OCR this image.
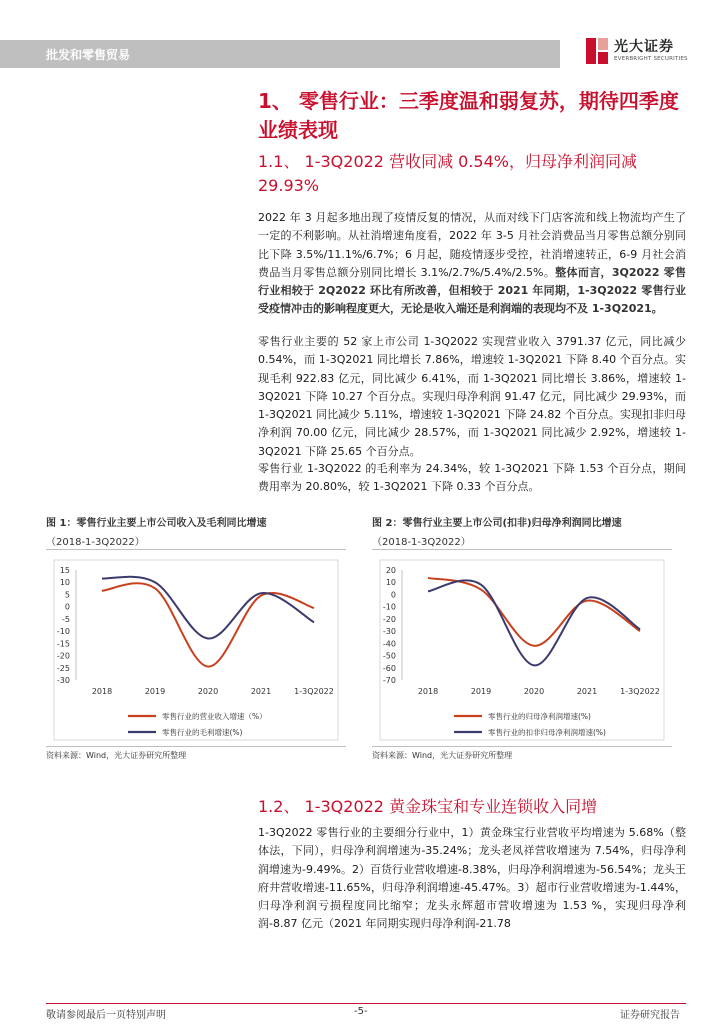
批发和零售贸易	光大证券
EVERBRIGHT SECURITIES
1、 零售行业：三季度温和弱复苏，期待四季度业绩表现
1.1、 1-3Q2022 营收同减 0.54%，归母净利润同减 29.93%
2022 年 3 月起多地出现了疫情反复的情况，从而对线下门店客流和线上物流均产生了一定的不利影响。从社消增速角度看，2022 年 3-5 月社会消费品当月零售总额分别同比下降 3.5%/11.1%/6.7%；6 月起，随疫情逐步受控，社消增速转正，6-9 月社会消费品当月零售总额分别同比增长 3.1%/2.7%/5.4%/2.5%。整体而言，3Q2022 零售行业相较于 2Q2022 环比有所改善，但相较于 2021 年同期，1-3Q2022 零售行业受疫情冲击的影响程度更大，无论是收入端还是利润端的表现均不及 1-3Q2021。
零售行业主要的 52 家上市公司 1-3Q2022 实现营业收入 3791.37 亿元，同比减少 0.54%，而 1-3Q2021 同比增长 7.86%，增速较 1-3Q2021 下降 8.40 个百分点。实现毛利 922.83 亿元，同比减少 6.41%，而 1-3Q2021 同比增长 3.86%，增速较 1-3Q2021 下降 10.27 个百分点。实现归母净利润 91.47 亿元，同比减少 29.93%，而 1-3Q2021 同比减少 5.11%，增速较 1-3Q2021 下降 24.82 个百分点。实现扣非归母净利润 70.00 亿元，同比减少 28.57%，而 1-3Q2021 同比减少 2.92%，增速较 1-3Q2021 下降 25.65 个百分点。
零售行业 1-3Q2022 的毛利率为 24.34%，较 1-3Q2021 下降 1.53 个百分点，期间费用率为 20.80%，较 1-3Q2021 下降 0.33 个百分点。
图 1：零售行业主要上市公司收入及毛利同比增速
（2018-1-3Q2022）
15
10
5
0
-5
-10
-15
-20
-25
-30
2018	2019	2020	2021	1-3Q2022
零售行业的营业收入增速（%）
零售行业的毛利增速(%)
资料来源：Wind，光大证券研究所整理
图 2：零售行业主要上市公司(扣非)归母净利润同比增速
（2018-1-3Q2022）
20
10
0
-10
-20
-30
-40
-50
-60
-70
2018	2019	2020	2021	1-3Q2022
零售行业的归母净利润增速(%)
零售行业的扣非归母净利润增速(%)
资料来源：Wind，光大证券研究所整理
1.2、 1-3Q2022 黄金珠宝和专业连锁收入同增
1-3Q2022 零售行业的主要细分行业中，1）黄金珠宝行业营收平均增速为 5.68%（整体法，下同），归母净利润增速为-35.24%；龙头老凤祥营收增速为 7.54%，归母净利润增速为-9.49%。2）百货行业营收增速-8.38%，归母净利润增速为-56.54%；龙头王府井营收增速-11.65%，归母净利润增速-45.47%。3）超市行业营收增速为-1.44%，归母净利润亏损程度同比缩窄；龙头永辉超市营收增速为 1.53 %，实现归母净利润-8.87 亿元（2021 年同期实现归母净利润-21.78
敬请参阅最后一页特别声明	-5-	证券研究报告
